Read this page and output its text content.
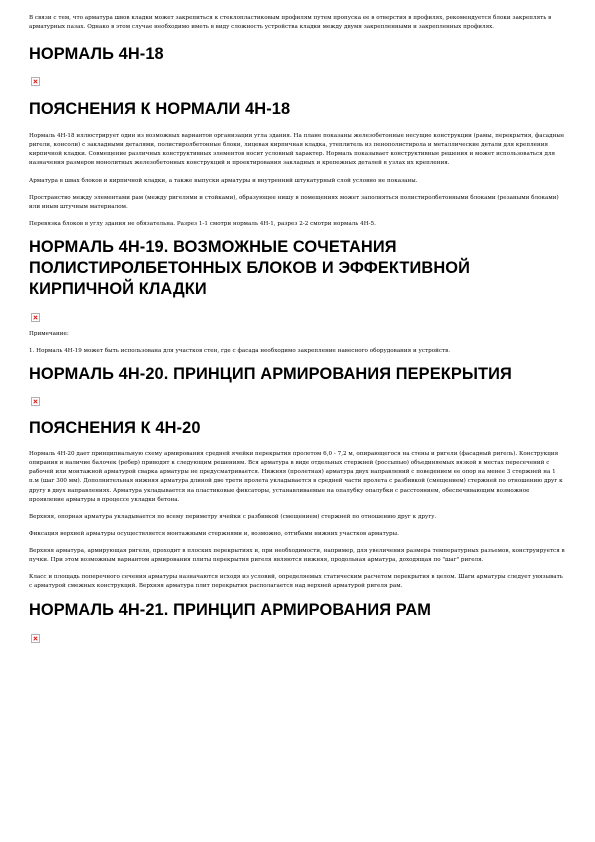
В связи с тем, что арматура швов кладки может закрепиться к стеклопластиковым профилям путем пропуска ее в отверстия в профилях, рекомендуется блоки закреплять в арматурных пазах. Однако в этом случае необходимо иметь в виду сложность устройства кладки между двумя закрепленными и закрепленных профилях.

НОРМАЛЬ 4Н-18
ПОЯСНЕНИЯ К НОРМАЛИ 4Н-18

Нормаль 4Н-18 иллюстрирует один из возможных вариантов организации угла здания. На плане показаны железобетонные несущие конструкции (рамы, перекрытия, фасадные ригели, консоли) с закладными деталями, полистиролбетонные блоки, лицевая кирпичная кладка, утеплитель из пенополистирола и металлические детали для крепления кирпичной кладки. Совмещение различных конструктивных элементов носит условный характер. Нормаль показывает конструктивные решения и может использоваться для назначения размеров монолитных железобетонных конструкций и проектирования закладных и крепежных деталей в узлах их крепления.

Арматура в швах блоков и кирпичной кладки, а также выпуски арматуры и внутренний штукатурный слой условно не показаны.

Пространство между элементами рам (между ригелями и стойками), образующее нишу в помещениях может заполняться полистиролбетонными блоками (резаными блоками) или иным штучным материалом.

Перевязка блоков в углу здания не обязательна. Разрез 1-1 смотри нормаль 4Н-1, разрез 2-2 смотри нормаль 4Н-5.

НОРМАЛЬ 4Н-19. ВОЗМОЖНЫЕ СОЧЕТАНИЯ ПОЛИСТИРОЛБЕТОННЫХ БЛОКОВ И ЭФФЕКТИВНОЙ КИРПИЧНОЙ КЛАДКИ

Примечание:

1. Нормаль 4Н-19 может быть использована для участков стен, где с фасада необходимо закрепление навесного оборудования и устройств.

НОРМАЛЬ 4Н-20. ПРИНЦИП АРМИРОВАНИЯ ПЕРЕКРЫТИЯ
ПОЯСНЕНИЯ К 4Н-20

Нормаль 4Н-20 дает принципиальную схему армирования средней ячейки перекрытия пролетом 6,0 - 7,2 м, опирающегося на стены и ригели (фасадный ригель). Конструкция опирания и наличие балочек (ребер) приводят к следующим решениям. Вся арматура в виде отдельных стержней (россыпью) объединяемых вязкой в местах пересечений с рабочей или монтажной арматурой сварка арматуры не предусматривается. Нижняя (пролетная) арматура двух направлений с поведением ее опор на менее 3 стержней на 1 п.м (шаг 300 мм). Дополнительная нижняя арматура длиной две трети пролета укладывается в средней части пролета с разбивкой (смещением) стержней по отношению друг к другу в двух направлениях. Арматура укладывается на пластиковые фиксаторы, устанавливаемые на опалубку опалубки с расстоянием, обеспечивающим возможное проявление арматуры в процессе укладки бетона.

Верхняя, опорная арматура укладывается по всему периметру ячейки с разбивкой (смещением) стержней по отношению друг к другу.

Фиксация верхней арматуры осуществляется монтажными стержнями и, возможно, отгибами нижних участков арматуры.

Верхняя арматура, армирующая ригели, проходит в плоских перекрытиях и, при необходимости, например, для увеличения размера температурных разъемов, конструируется в пучки. При этом возможным вариантом армирования плиты перекрытия ригеля являются нижняя, продольная арматура, доходящая по "шаг" ригеля.

Класс и площадь поперечного сечения арматуры назначаются исходя из условий, определяемых статическим расчетом перекрытия в целом. Шаги арматуры следует увязывать с арматурой смежных конструкций. Верхняя арматура плит перекрытия располагается над верхней арматурой ригеля рам.

НОРМАЛЬ 4Н-21. ПРИНЦИП АРМИРОВАНИЯ РАМ
